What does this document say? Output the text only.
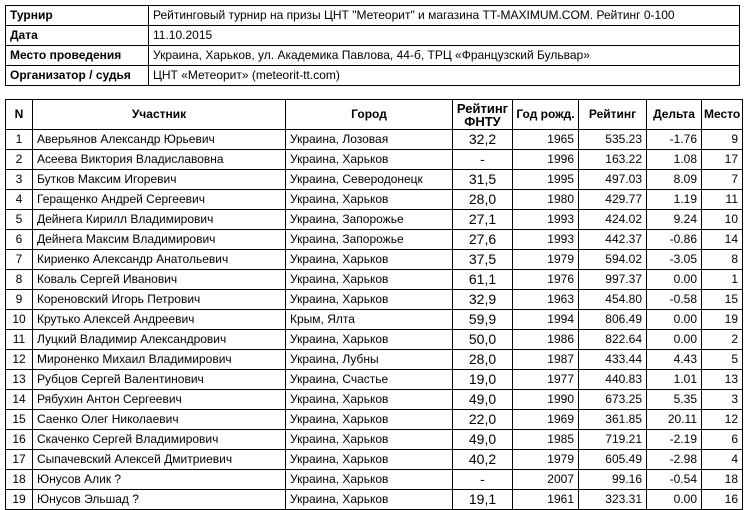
Турнир	Рейтинговый турнир на призы ЦНТ "Метеорит" и магазина TT-MAXIMUM.COM. Рейтинг 0-100
Дата	11.10.2015
Место проведения	Украина, Харьков, ул. Академика Павлова, 44-б, ТРЦ «Французский Бульвар»
Организатор / судья	ЦНТ «Метеорит» (meteorit-tt.com)
N	Участник	Город	Рейтинг ФНТУ	Год рожд.	Рейтинг	Дельта	Место
1	Аверьянов Александр Юрьевич	Украина, Лозовая	32,2	1965	535.23	-1.76	9
2	Асеева Виктория Владиславовна	Украина, Харьков	-	1996	163.22	1.08	17
3	Бутков Максим Игоревич	Украина, Северодонецк	31,5	1995	497.03	8.09	7
4	Геращенко Андрей Сергеевич	Украина, Харьков	28,0	1980	429.77	1.19	11
5	Дейнега Кирилл Владимирович	Украина, Запорожье	27,1	1993	424.02	9.24	10
6	Дейнега Максим Владимирович	Украина, Запорожье	27,6	1993	442.37	-0.86	14
7	Кириенко Александр Анатольевич	Украина, Харьков	37,5	1979	594.02	-3.05	8
8	Коваль Сергей Иванович	Украина, Харьков	61,1	1976	997.37	0.00	1
9	Кореновский Игорь Петрович	Украина, Харьков	32,9	1963	454.80	-0.58	15
10	Крутько Алексей Андреевич	Крым, Ялта	59,9	1994	806.49	0.00	19
11	Луцкий Владимир Александрович	Украина, Харьков	50,0	1986	822.64	0.00	2
12	Мироненко Михаил Владимирович	Украина, Лубны	28,0	1987	433.44	4.43	5
13	Рубцов Сергей Валентинович	Украина, Счастье	19,0	1977	440.83	1.01	13
14	Рябухин Антон Сергеевич	Украина, Харьков	49,0	1990	673.25	5.35	3
15	Саенко Олег Николаевич	Украина, Харьков	22,0	1969	361.85	20.11	12
16	Скаченко Сергей Владимирович	Украина, Харьков	49,0	1985	719.21	-2.19	6
17	Сыпачевский Алексей Дмитриевич	Украина, Харьков	40,2	1979	605.49	-2.98	4
18	Юнусов Алик ?	Украина, Харьков	-	2007	99.16	-0.54	18
19	Юнусов Эльшад ?	Украина, Харьков	19,1	1961	323.31	0.00	16
